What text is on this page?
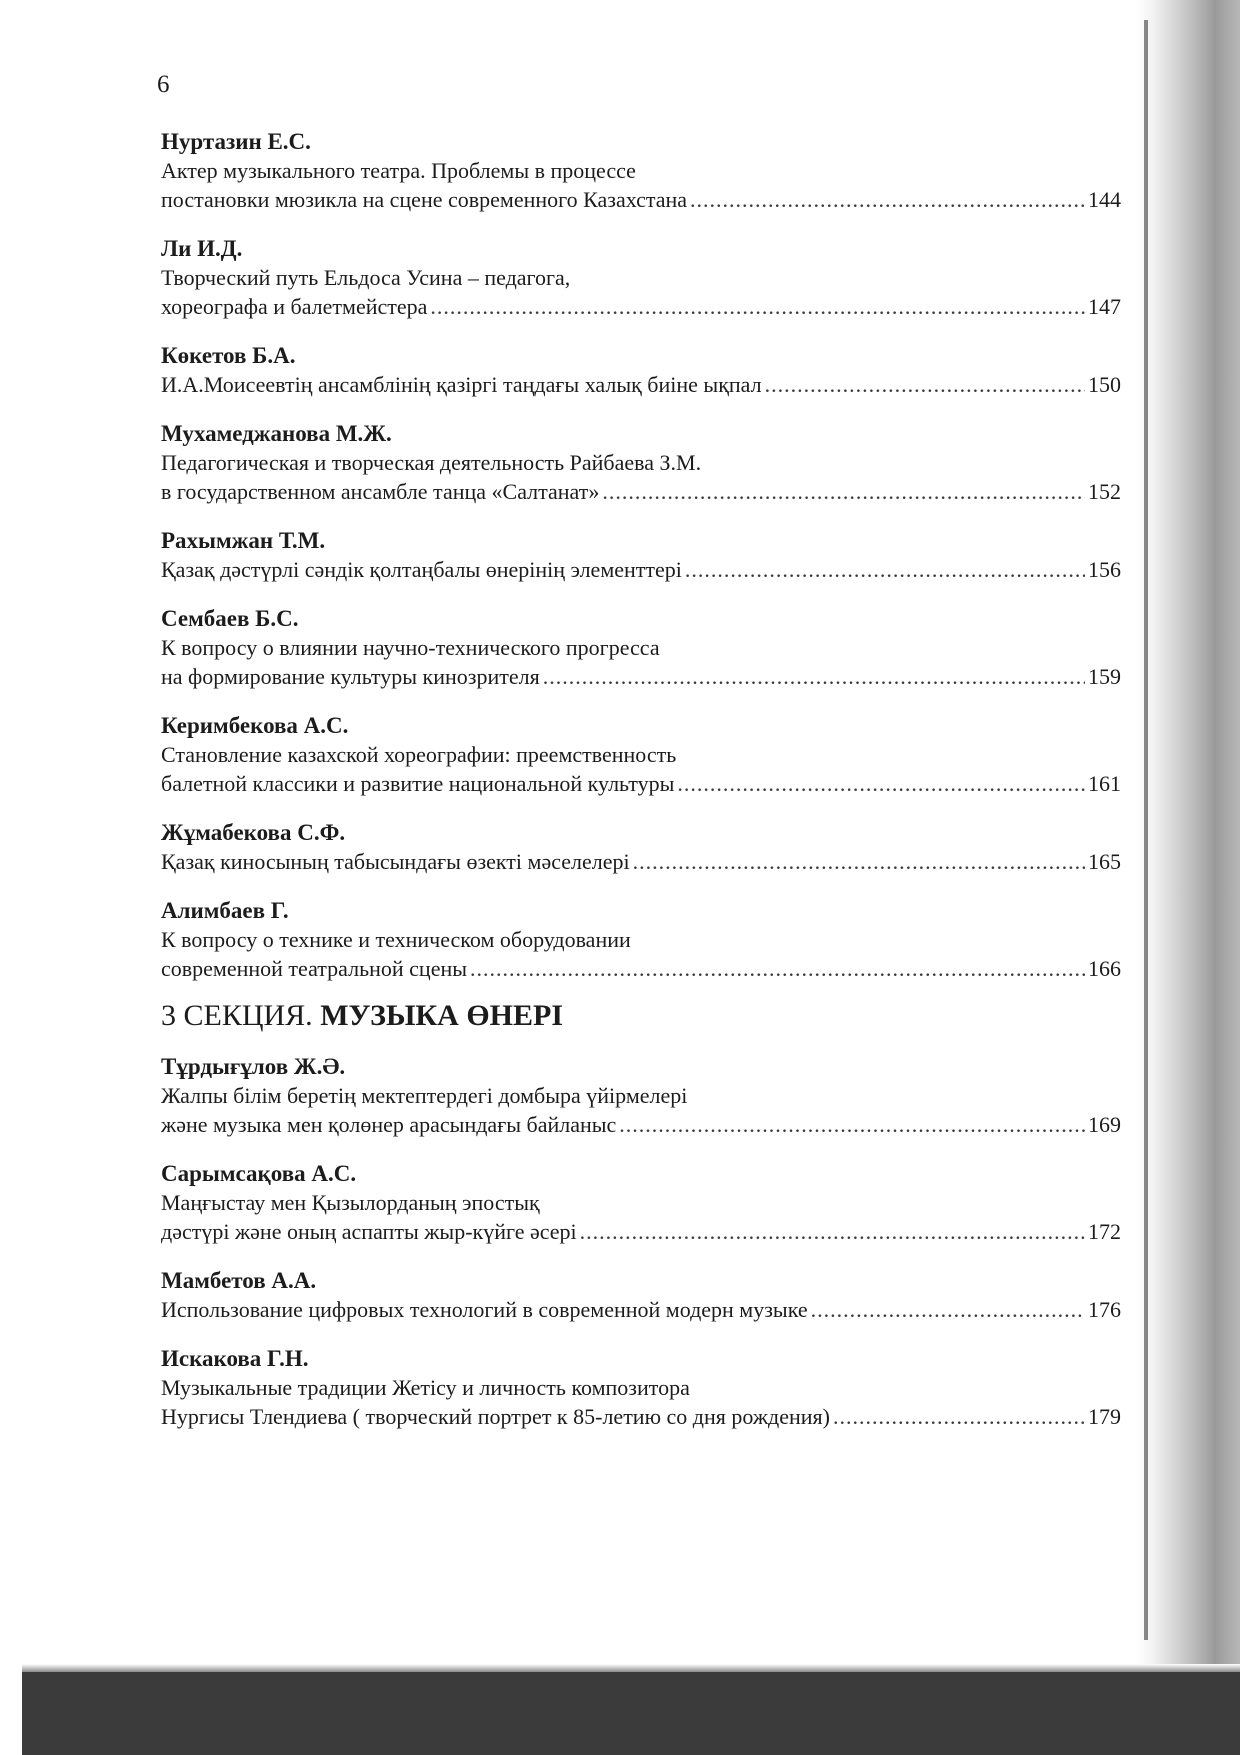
6
Нуртазин Е.С.
Актер музыкального театра. Проблемы в процессе
постановки мюзикла на сцене современного Казахстана .....	144
Ли И.Д.
Творческий путь Ельдоса Усина – педагога,
хореографа и балетмейстера .....	147
Көкетов Б.А.
И.А.Моисеевтің ансамблінің қазіргі таңдағы халық биіне ықпал .....	150
Мухамеджанова М.Ж.
Педагогическая и творческая деятельность Райбаева З.М.
в государственном ансамбле танца «Салтанат» .....	152
Рахымжан Т.М.
Қазақ дәстүрлі сәндік қолтаңбалы өнерінің элементтері .....	156
Сембаев Б.С.
К вопросу о влиянии научно-технического прогресса
на формирование культуры кинозрителя .....	159
Керимбекова А.С.
Становление казахской хореографии: преемственность
балетной классики и развитие национальной культуры .....	161
Жұмабекова С.Ф.
Қазақ киносының табысындағы өзекті мәселелері .....	165
Алимбаев Г.
К вопросу о технике и техническом оборудовании
современной театральной сцены .....	166
3 СЕКЦИЯ. МУЗЫКА ӨНЕРІ
Тұрдығұлов Ж.Ә.
Жалпы білім беретің мектептердегі домбыра үйірмелері
және музыка мен қолөнер арасындағы байланыс .....	169
Сарымсақова А.С.
Маңғыстау мен Қызылорданың эпостық
дәстүрі және оның аспапты жыр-күйге әсері .....	172
Мамбетов А.А.
Использование цифровых технологий в современной модерн музыке .....	176
Искакова Г.Н.
Музыкальные традиции Жетісу и личность композитора
Нургисы Тлендиева ( творческий портрет к 85-летию со дня рождения) .....	179
